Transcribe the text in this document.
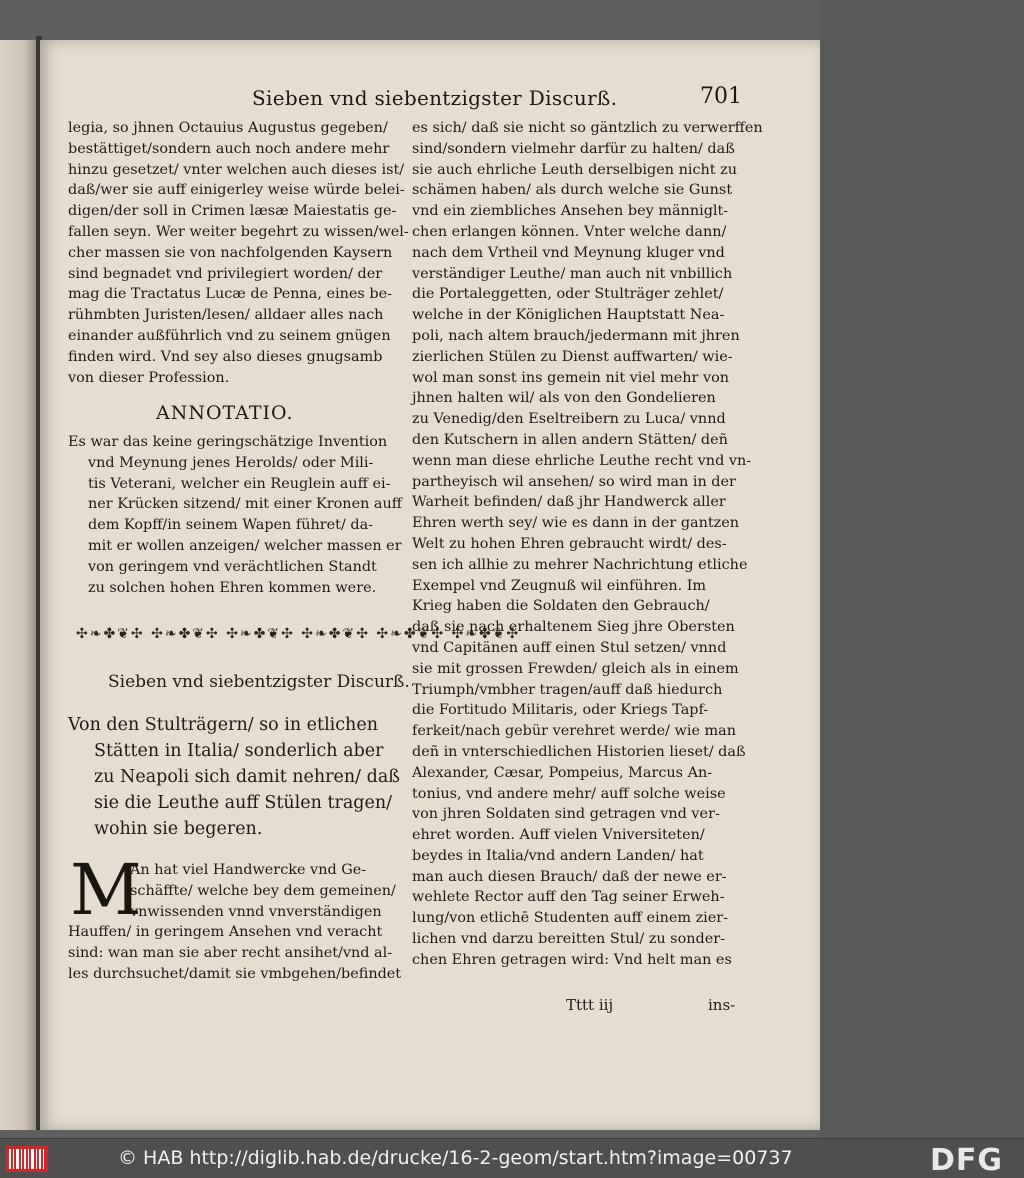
Sieben vnd siebentzigster Discurß.	701
legia, so jhnen Octauius Augustus gegeben/
bestättiget/sondern auch noch andere mehr
hinzu gesetzet/ vnter welchen auch dieses ist/
daß/wer sie auff einigerley weise würde belei-
digen/der soll in Crimen læsæ Maiestatis ge-
fallen seyn. Wer weiter begehrt zu wissen/wel-
cher massen sie von nachfolgenden Kaysern
sind begnadet vnd privilegiert worden/ der
mag die Tractatus Lucæ de Penna, eines be-
rühmbten Juristen/lesen/ alldaer alles nach
einander außführlich vnd zu seinem gnügen
finden wird. Vnd sey also dieses gnugsamb
von dieser Profession.
ANNOTATIO.
Es war das keine geringschätzige Invention
vnd Meynung jenes Herolds/ oder Mili-
tis Veterani, welcher ein Reuglein auff ei-
ner Krücken sitzend/ mit einer Kronen auff
dem Kopff/in seinem Wapen führet/ da-
mit er wollen anzeigen/ welcher massen er
von geringem vnd verächtlichen Standt
zu solchen hohen Ehren kommen were.
✣❧✤❦✣ ✣❧✤❦✣ ✣❧✤❦✣ ✣❧✤❦✣ ✣❧✤❦✣ ✣❧✤❦✣
Sieben vnd siebentzigster Discurß.
Von den Stulträgern/ so in etlichen
Stätten in Italia/ sonderlich aber
zu Neapoli sich damit nehren/ daß
sie die Leuthe auff Stülen tragen/
wohin sie begeren.
M
An hat viel Handwercke vnd Ge-
schäffte/ welche bey dem gemeinen/
vnwissenden vnnd vnverständigen
Hauffen/ in geringem Ansehen vnd veracht
sind: wan man sie aber recht ansihet/vnd al-
les durchsuchet/damit sie vmbgehen/befindet
es sich/ daß sie nicht so gäntzlich zu verwerffen
sind/sondern vielmehr darfür zu halten/ daß
sie auch ehrliche Leuth derselbigen nicht zu
schämen haben/ als durch welche sie Gunst
vnd ein ziembliches Ansehen bey männiglt-
chen erlangen können. Vnter welche dann/
nach dem Vrtheil vnd Meynung kluger vnd
verständiger Leuthe/ man auch nit vnbillich
die Portaleggetten, oder Stulträger zehlet/
welche in der Königlichen Hauptstatt Nea-
poli, nach altem brauch/jedermann mit jhren
zierlichen Stülen zu Dienst auffwarten/ wie-
wol man sonst ins gemein nit viel mehr von
jhnen halten wil/ als von den Gondelieren
zu Venedig/den Eseltreibern zu Luca/ vnnd
den Kutschern in allen andern Stätten/ deñ
wenn man diese ehrliche Leuthe recht vnd vn-
partheyisch wil ansehen/ so wird man in der
Warheit befinden/ daß jhr Handwerck aller
Ehren werth sey/ wie es dann in der gantzen
Welt zu hohen Ehren gebraucht wirdt/ des-
sen ich allhie zu mehrer Nachrichtung etliche
Exempel vnd Zeugnuß wil einführen. Im
Krieg haben die Soldaten den Gebrauch/
daß sie nach erhaltenem Sieg jhre Obersten
vnd Capitänen auff einen Stul setzen/ vnnd
sie mit grossen Frewden/ gleich als in einem
Triumph/vmbher tragen/auff daß hiedurch
die Fortitudo Militaris, oder Kriegs Tapf-
ferkeit/nach gebür verehret werde/ wie man
deñ in vnterschiedlichen Historien lieset/ daß
Alexander, Cæsar, Pompeius, Marcus An-
tonius, vnd andere mehr/ auff solche weise
von jhren Soldaten sind getragen vnd ver-
ehret worden. Auff vielen Vniversiteten/
beydes in Italia/vnd andern Landen/ hat
man auch diesen Brauch/ daß der newe er-
wehlete Rector auff den Tag seiner Erweh-
lung/von etlichē Studenten auff einem zier-
lichen vnd darzu bereitten Stul/ zu sonder-
chen Ehren getragen wird: Vnd helt man es
Tttt iij	ins-
© HAB http://diglib.hab.de/drucke/16-2-geom/start.htm?image=00737	DFG
